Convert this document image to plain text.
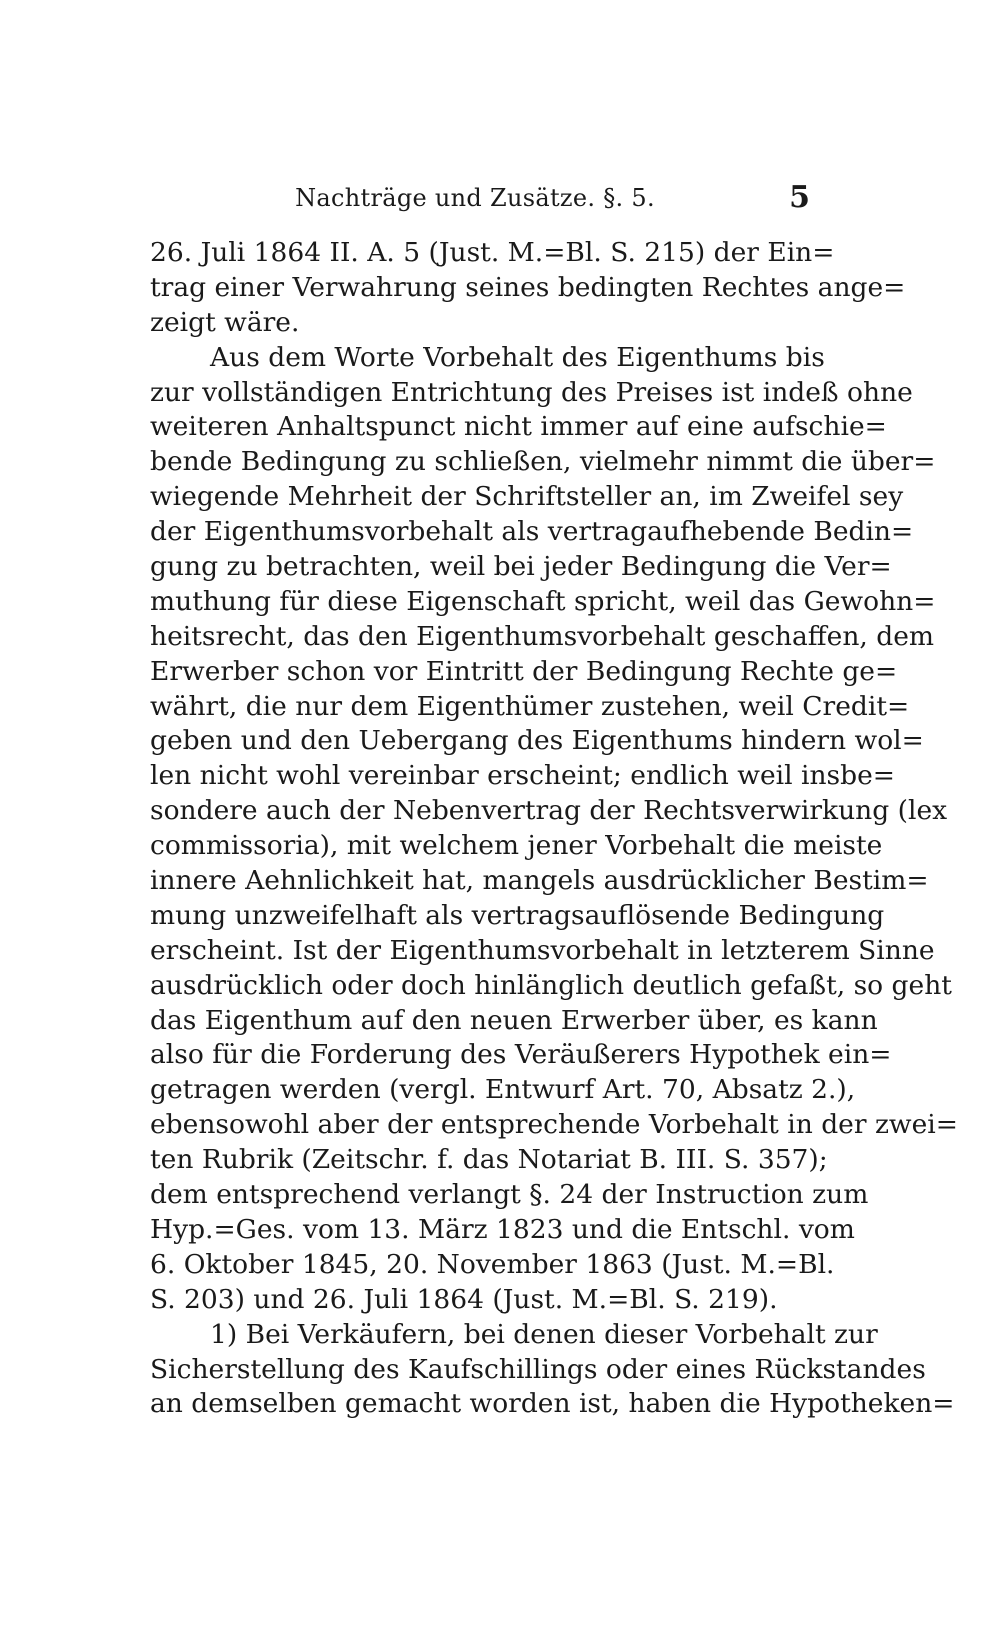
Nachträge und Zusätze. §. 5.	5
26. Juli 1864 II. A. 5 (Just. M.=Bl. S. 215) der Ein=
trag einer Verwahrung seines bedingten Rechtes ange=
zeigt wäre.
Aus dem Worte Vorbehalt des Eigenthums bis
zur vollständigen Entrichtung des Preises ist indeß ohne
weiteren Anhaltspunct nicht immer auf eine aufschie=
bende Bedingung zu schließen, vielmehr nimmt die über=
wiegende Mehrheit der Schriftsteller an, im Zweifel sey
der Eigenthumsvorbehalt als vertragaufhebende Bedin=
gung zu betrachten, weil bei jeder Bedingung die Ver=
muthung für diese Eigenschaft spricht, weil das Gewohn=
heitsrecht, das den Eigenthumsvorbehalt geschaffen, dem
Erwerber schon vor Eintritt der Bedingung Rechte ge=
währt, die nur dem Eigenthümer zustehen, weil Credit=
geben und den Uebergang des Eigenthums hindern wol=
len nicht wohl vereinbar erscheint; endlich weil insbe=
sondere auch der Nebenvertrag der Rechtsverwirkung (lex
commissoria), mit welchem jener Vorbehalt die meiste
innere Aehnlichkeit hat, mangels ausdrücklicher Bestim=
mung unzweifelhaft als vertragsauflösende Bedingung
erscheint. Ist der Eigenthumsvorbehalt in letzterem Sinne
ausdrücklich oder doch hinlänglich deutlich gefaßt, so geht
das Eigenthum auf den neuen Erwerber über, es kann
also für die Forderung des Veräußerers Hypothek ein=
getragen werden (vergl. Entwurf Art. 70, Absatz 2.),
ebensowohl aber der entsprechende Vorbehalt in der zwei=
ten Rubrik (Zeitschr. f. das Notariat B. III. S. 357);
dem entsprechend verlangt §. 24 der Instruction zum
Hyp.=Ges. vom 13. März 1823 und die Entschl. vom
6. Oktober 1845, 20. November 1863 (Just. M.=Bl.
S. 203) und 26. Juli 1864 (Just. M.=Bl. S. 219).
1) Bei Verkäufern, bei denen dieser Vorbehalt zur
Sicherstellung des Kaufschillings oder eines Rückstandes
an demselben gemacht worden ist, haben die Hypotheken=
